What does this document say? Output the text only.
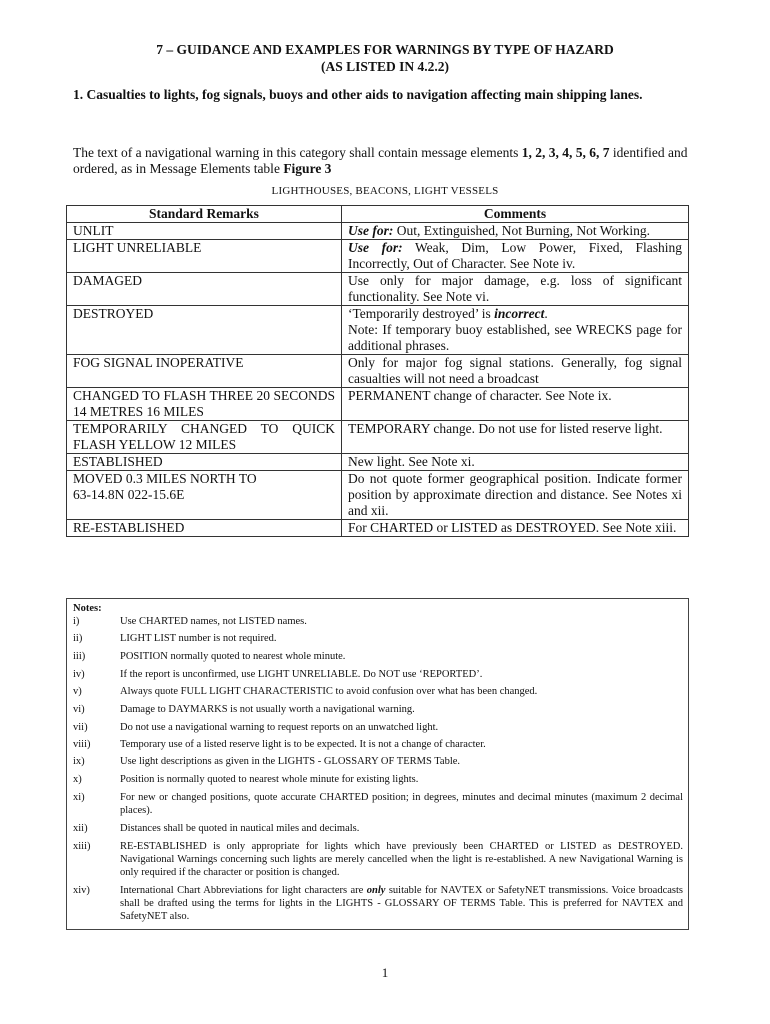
7 – GUIDANCE AND EXAMPLES FOR WARNINGS BY TYPE OF HAZARD
(AS LISTED IN 4.2.2)
1. Casualties to lights, fog signals, buoys and other aids to navigation affecting main shipping lanes.
The text of a navigational warning in this category shall contain message elements 1, 2, 3, 4, 5, 6, 7 identified and ordered, as in Message Elements table Figure 3
LIGHTHOUSES, BEACONS, LIGHT VESSELS
Standard Remarks	Comments
UNLIT	Use for: Out, Extinguished, Not Burning, Not Working.
LIGHT UNRELIABLE	Use for: Weak, Dim, Low Power, Fixed, Flashing Incorrectly, Out of Character. See Note iv.
DAMAGED	Use only for major damage, e.g. loss of significant functionality. See Note vi.
DESTROYED	‘Temporarily destroyed’ is incorrect.
Note: If temporary buoy established, see WRECKS page for additional phrases.
FOG SIGNAL INOPERATIVE	Only for major fog signal stations. Generally, fog signal casualties will not need a broadcast
CHANGED TO FLASH THREE 20 SECONDS 14 METRES 16 MILES	PERMANENT change of character. See Note ix.
TEMPORARILY CHANGED TO QUICK FLASH YELLOW 12 MILES	TEMPORARY change. Do not use for listed reserve light.
ESTABLISHED	New light. See Note xi.
MOVED 0.3 MILES NORTH TO
63-14.8N 022-15.6E	Do not quote former geographical position. Indicate former position by approximate direction and distance. See Notes xi and xii.
RE-ESTABLISHED	For CHARTED or LISTED as DESTROYED. See Note xiii.
Notes:
i)	Use CHARTED names, not LISTED names.
ii)	LIGHT LIST number is not required.
iii)	POSITION normally quoted to nearest whole minute.
iv)	If the report is unconfirmed, use LIGHT UNRELIABLE. Do NOT use ‘REPORTED’.
v)	Always quote FULL LIGHT CHARACTERISTIC to avoid confusion over what has been changed.
vi)	Damage to DAYMARKS is not usually worth a navigational warning.
vii)	Do not use a navigational warning to request reports on an unwatched light.
viii)	Temporary use of a listed reserve light is to be expected. It is not a change of character.
ix)	Use light descriptions as given in the LIGHTS - GLOSSARY OF TERMS Table.
x)	Position is normally quoted to nearest whole minute for existing lights.
xi)	For new or changed positions, quote accurate CHARTED position; in degrees, minutes and decimal minutes (maximum 2 decimal places).
xii)	Distances shall be quoted in nautical miles and decimals.
xiii)	RE-ESTABLISHED is only appropriate for lights which have previously been CHARTED or LISTED as DESTROYED. Navigational Warnings concerning such lights are merely cancelled when the light is re-established. A new Navigational Warning is only required if the character or position is changed.
xiv)	International Chart Abbreviations for light characters are only suitable for NAVTEX or SafetyNET transmissions. Voice broadcasts shall be drafted using the terms for lights in the LIGHTS - GLOSSARY OF TERMS Table. This is preferred for NAVTEX and SafetyNET also.
1
